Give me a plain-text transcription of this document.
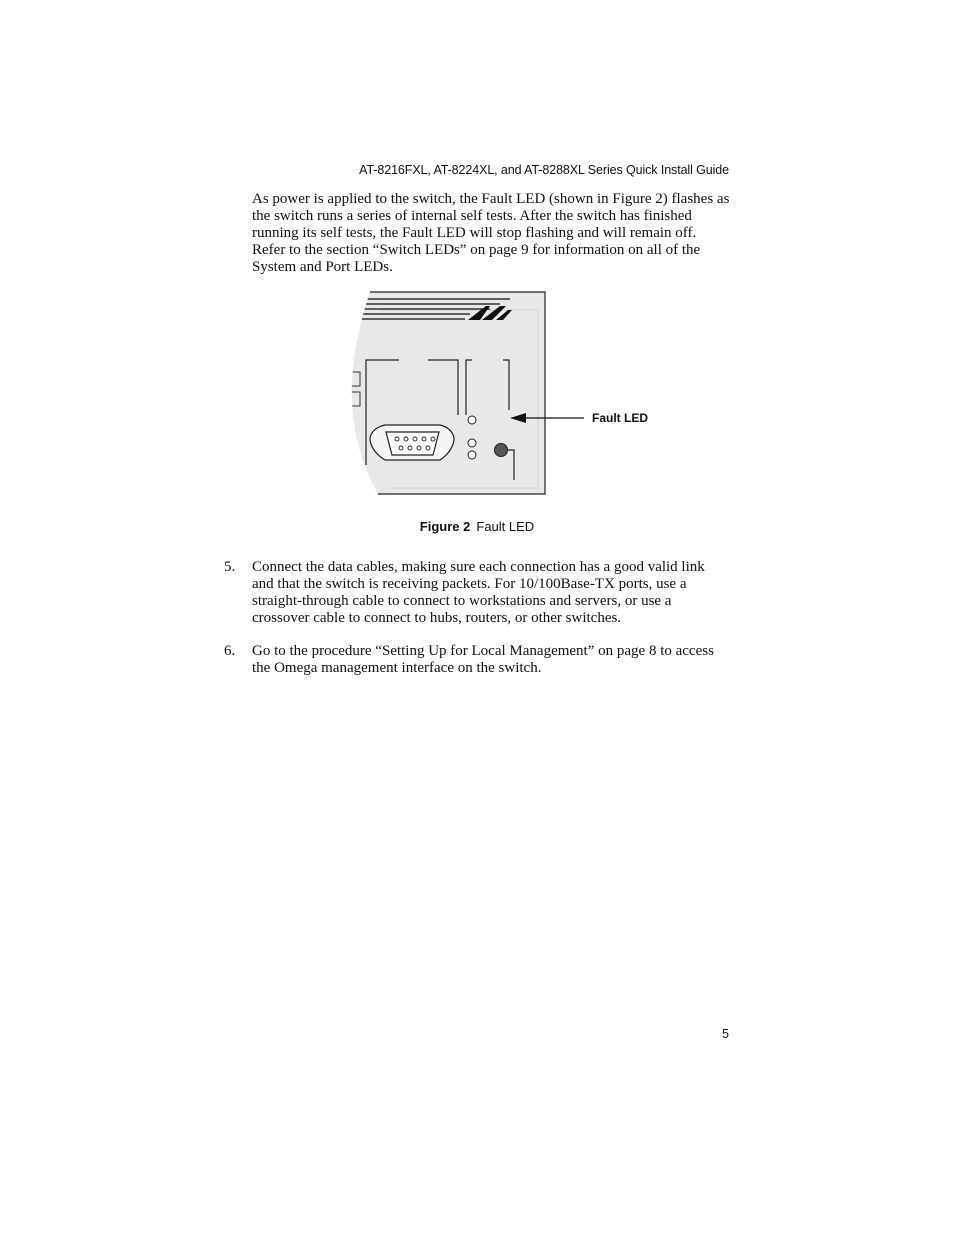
AT-8216FXL, AT-8224XL, and AT-8288XL Series Quick Install Guide
As power is applied to the switch, the Fault LED (shown in Figure 2) flashes as the switch runs a series of internal self tests. After the switch has finished running its self tests, the Fault LED will stop flashing and will remain off. Refer to the section “Switch LEDs” on page 9 for information on all of the System and Port LEDs.
Fault LED
Figure 2 Fault LED
5. Connect the data cables, making sure each connection has a good valid link and that the switch is receiving packets. For 10/100Base-TX ports, use a straight-through cable to connect to workstations and servers, or use a crossover cable to connect to hubs, routers, or other switches.
6. Go to the procedure “Setting Up for Local Management” on page 8 to access the Omega management interface on the switch.
5
